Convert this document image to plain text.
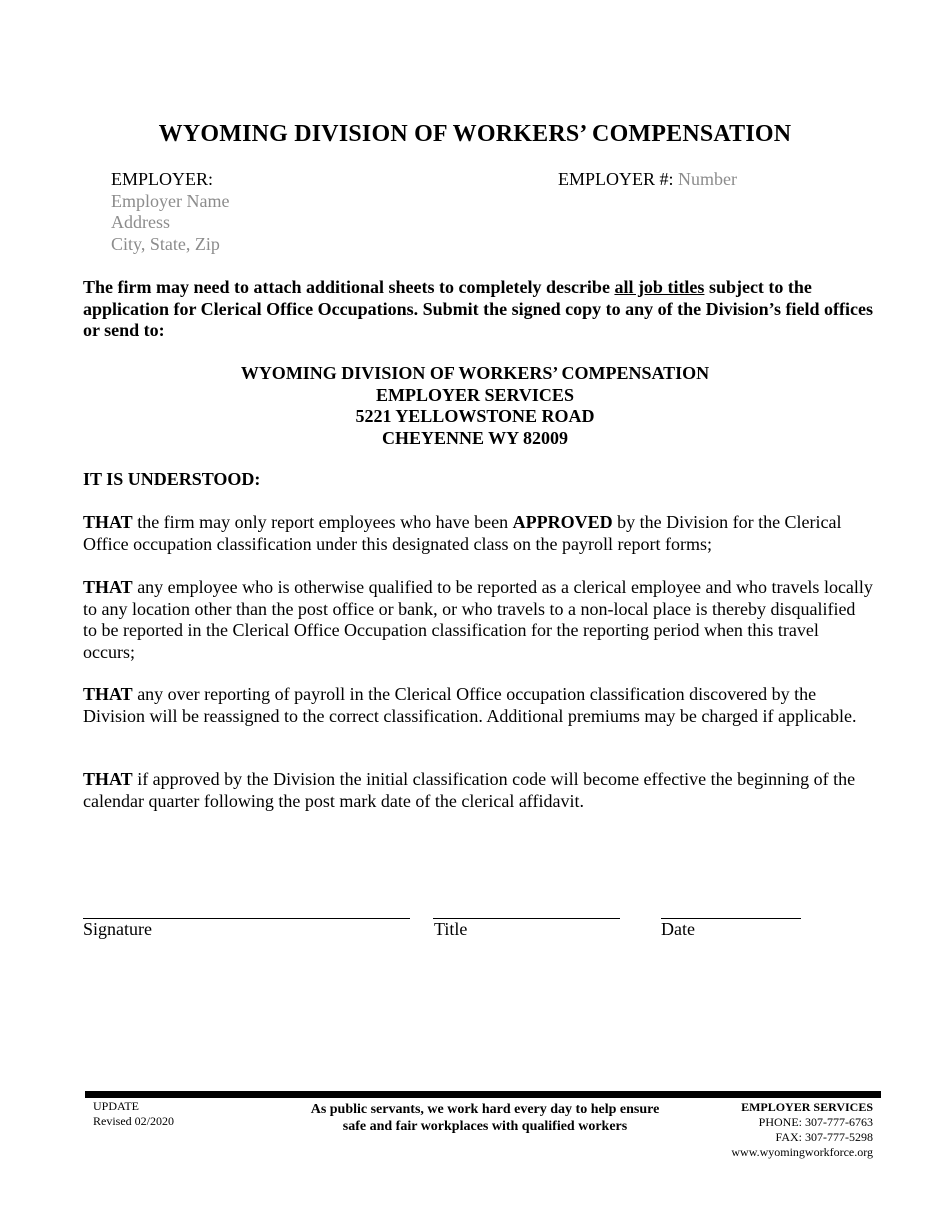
WYOMING DIVISION OF WORKERS’ COMPENSATION
EMPLOYER:
Employer Name
Address
City, State, Zip
EMPLOYER #: Number
The firm may need to attach additional sheets to completely describe all job titles subject to the application for Clerical Office Occupations. Submit the signed copy to any of the Division’s field offices or send to:
WYOMING DIVISION OF WORKERS’ COMPENSATION
EMPLOYER SERVICES
5221 YELLOWSTONE ROAD
CHEYENNE WY 82009
IT IS UNDERSTOOD:
THAT the firm may only report employees who have been APPROVED by the Division for the Clerical Office occupation classification under this designated class on the payroll report forms;
THAT any employee who is otherwise qualified to be reported as a clerical employee and who travels locally to any location other than the post office or bank, or who travels to a non-local place is thereby disqualified to be reported in the Clerical Office Occupation classification for the reporting period when this travel occurs;
THAT any over reporting of payroll in the Clerical Office occupation classification discovered by the Division will be reassigned to the correct classification. Additional premiums may be charged if applicable.
THAT if approved by the Division the initial classification code will become effective the beginning of the calendar quarter following the post mark date of the clerical affidavit.
Signature	Title	Date
UPDATE
Revised 02/2020
As public servants, we work hard every day to help ensure
safe and fair workplaces with qualified workers
EMPLOYER SERVICES
PHONE: 307-777-6763
FAX: 307-777-5298
www.wyomingworkforce.org
